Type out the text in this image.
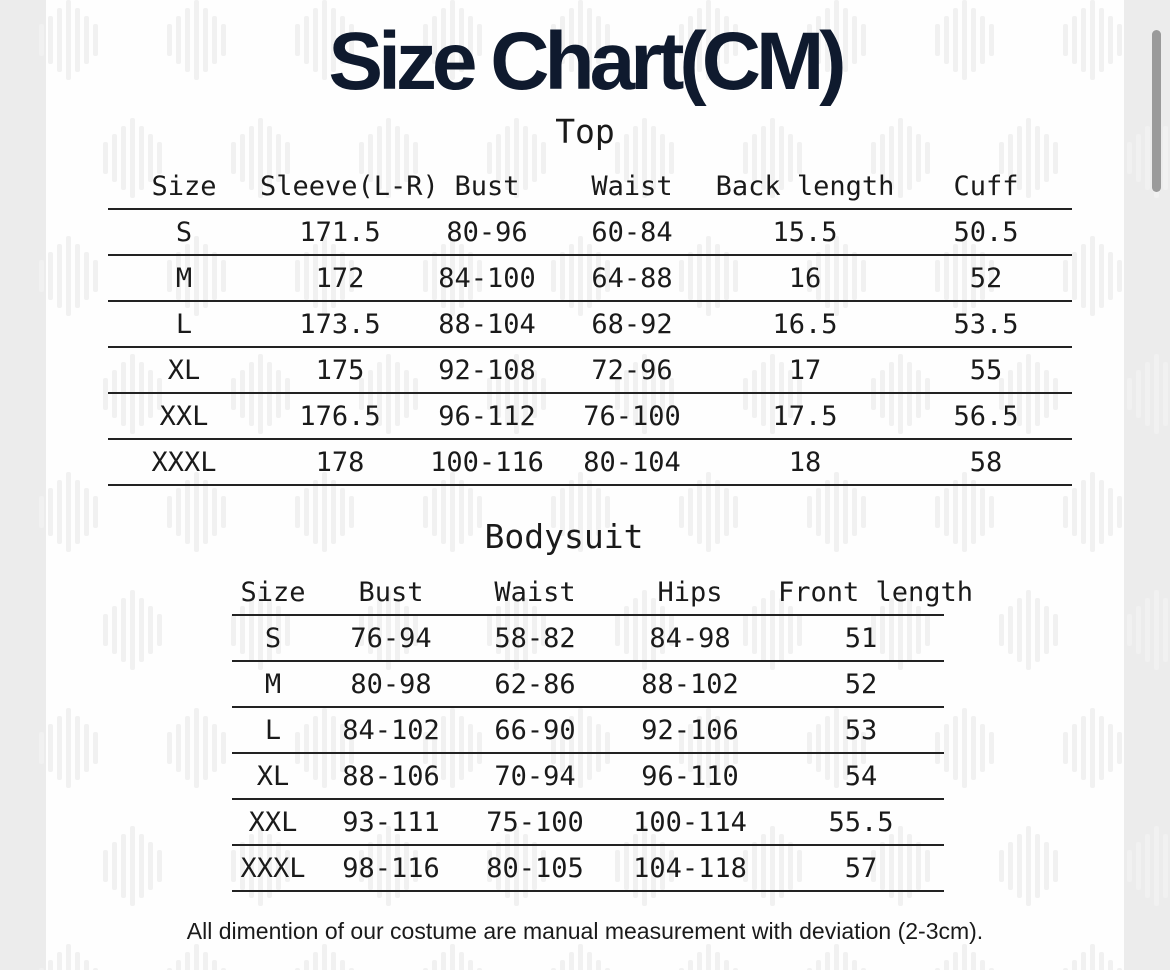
Size Chart(CM)
Top
Size	Sleeve(L-R)	Bust	Waist	Back length	Cuff
S	171.5	80-96	60-84	15.5	50.5
M	172	84-100	64-88	16	52
L	173.5	88-104	68-92	16.5	53.5
XL	175	92-108	72-96	17	55
XXL	176.5	96-112	76-100	17.5	56.5
XXXL	178	100-116	80-104	18	58
Bodysuit
Size	Bust	Waist	Hips	Front length
S	76-94	58-82	84-98	51
M	80-98	62-86	88-102	52
L	84-102	66-90	92-106	53
XL	88-106	70-94	96-110	54
XXL	93-111	75-100	100-114	55.5
XXXL	98-116	80-105	104-118	57
All dimention of our costume are manual measurement with deviation (2-3cm).
